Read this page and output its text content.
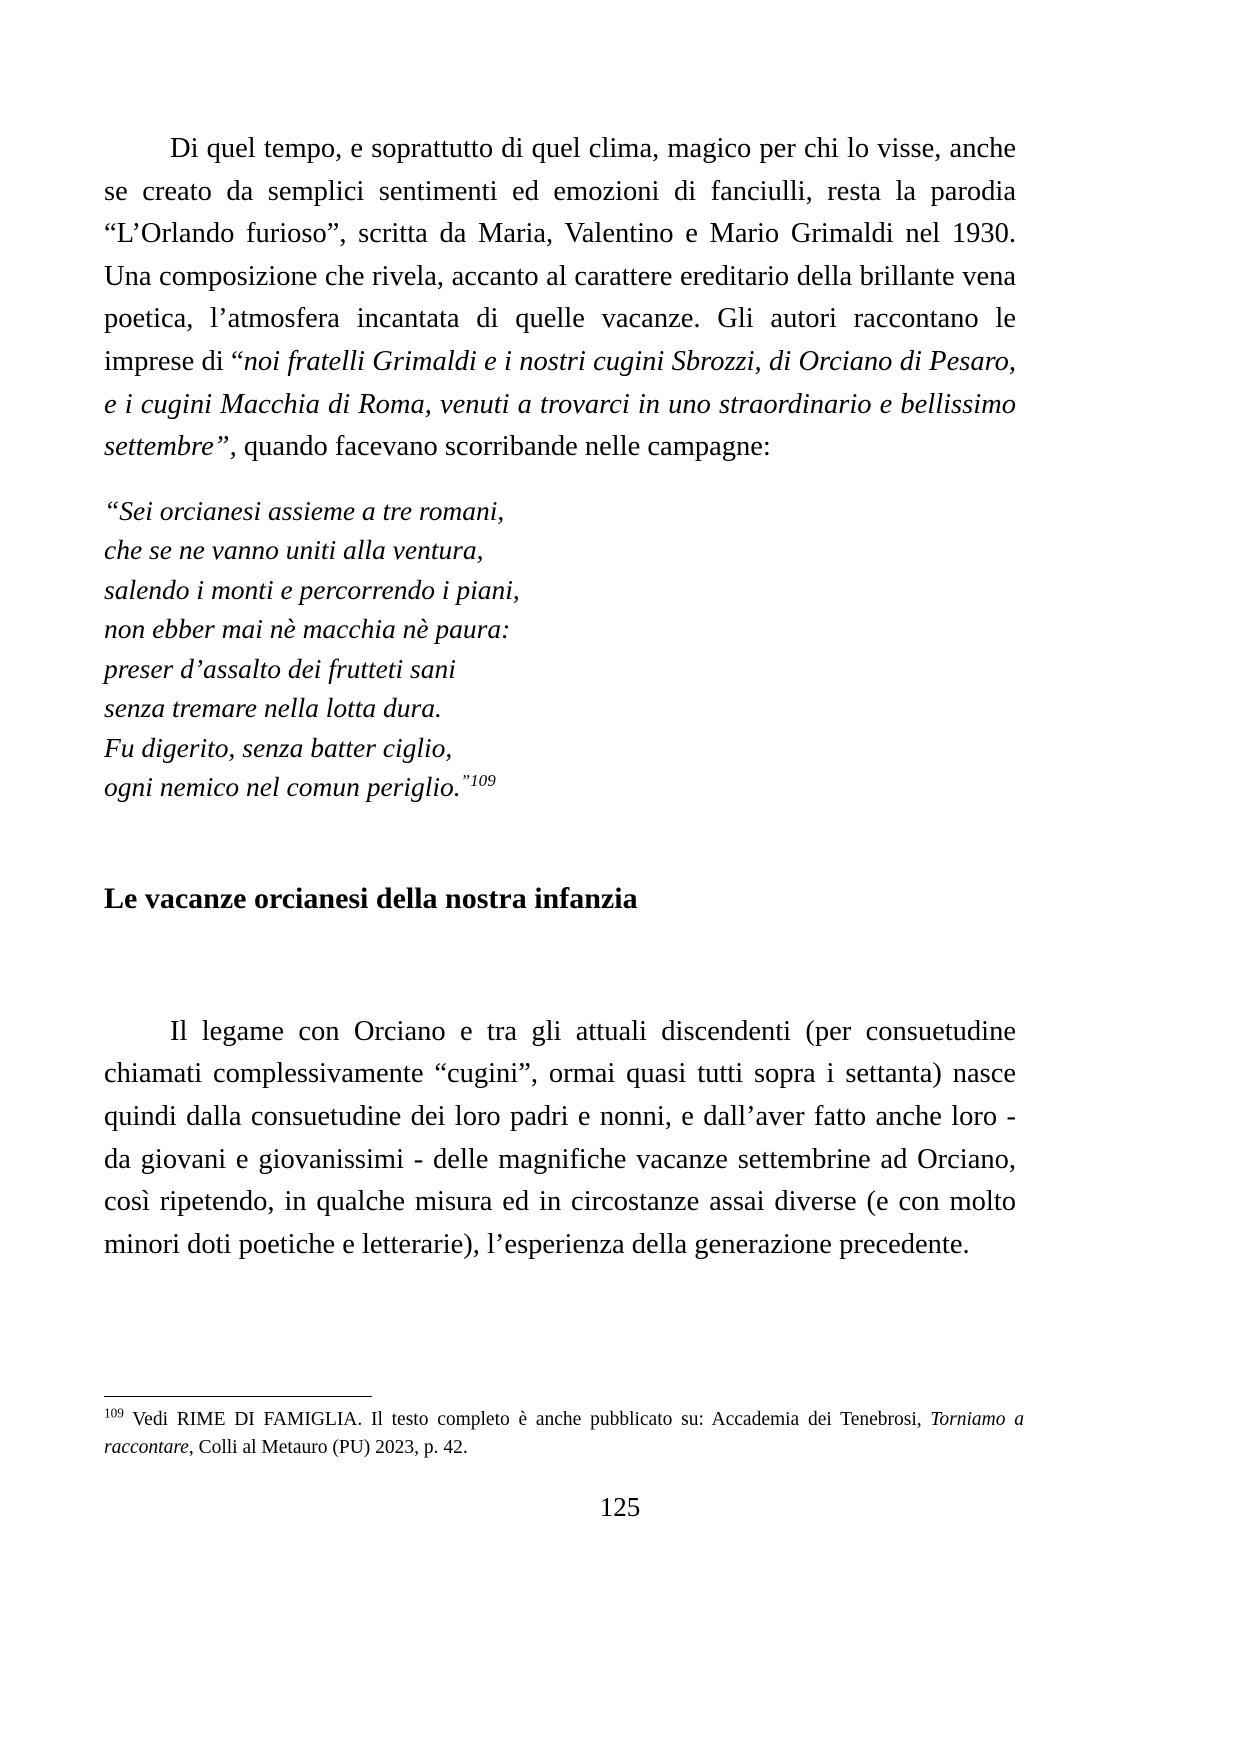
Di quel tempo, e soprattutto di quel clima, magico per chi lo visse, anche se creato da semplici sentimenti ed emozioni di fanciulli, resta la parodia “L’Orlando furioso”, scritta da Maria, Valentino e Mario Grimaldi nel 1930. Una composizione che rivela, accanto al carattere ereditario della brillante vena poetica, l’atmosfera incantata di quelle vacanze. Gli autori raccontano le imprese di “noi fratelli Grimaldi e i nostri cugini Sbrozzi, di Orciano di Pesaro, e i cugini Macchia di Roma, venuti a trovarci in uno straordinario e bellissimo settembre”, quando facevano scorribande nelle campagne:

“Sei orcianesi assieme a tre romani,
che se ne vanno uniti alla ventura,
salendo i monti e percorrendo i piani,
non ebber mai nè macchia nè paura:
preser d’assalto dei frutteti sani
senza tremare nella lotta dura.
Fu digerito, senza batter ciglio,
ogni nemico nel comun periglio.$^{”109}$
Le vacanze orcianesi della nostra infanzia

Il legame con Orciano e tra gli attuali discendenti (per consuetudine chiamati complessivamente “cugini”, ormai quasi tutti sopra i settanta) nasce quindi dalla consuetudine dei loro padri e nonni, e dall’aver fatto anche loro - da giovani e giovanissimi - delle magnifiche vacanze settembrine ad Orciano, così ripetendo, in qualche misura ed in circostanze assai diverse (e con molto minori doti poetiche e letterarie), l’esperienza della generazione precedente.

$^{109}$ Vedi RIME DI FAMIGLIA. Il testo completo è anche pubblicato su: Accademia dei Tenebrosi, Torniamo a raccontare, Colli al Metauro (PU) 2023, p. 42.

125
